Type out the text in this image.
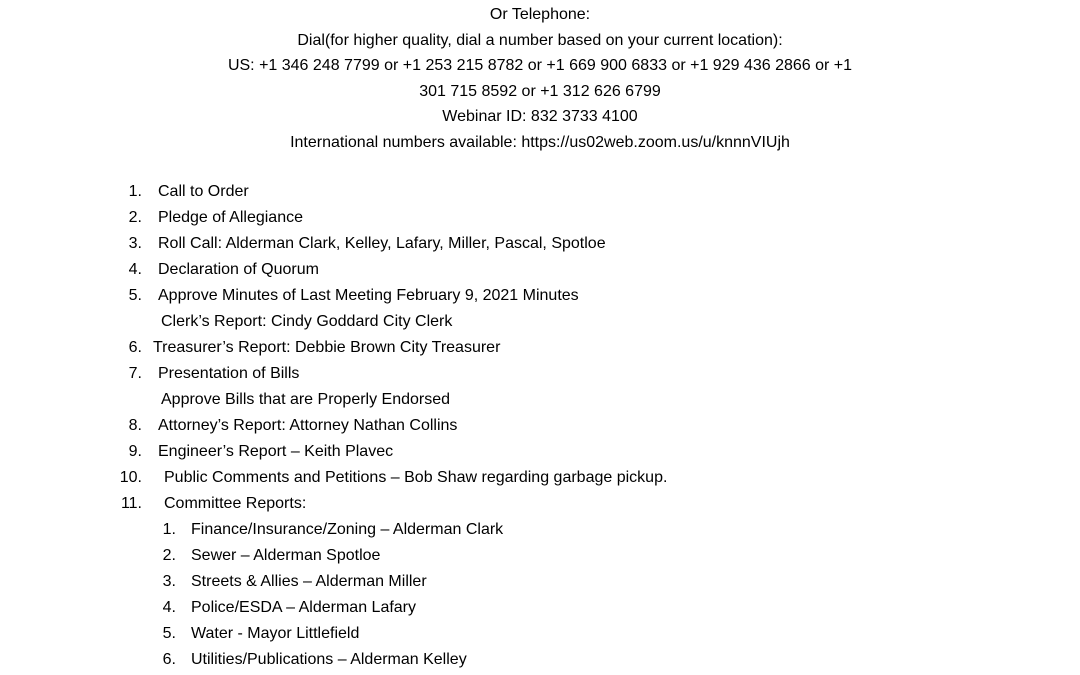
Or Telephone:
Dial(for higher quality, dial a number based on your current location):
US: +1 346 248 7799 or +1 253 215 8782 or +1 669 900 6833 or +1 929 436 2866 or +1
301 715 8592 or +1 312 626 6799
Webinar ID: 832 3733 4100
International numbers available: https://us02web.zoom.us/u/knnnVIUjh
1. Call to Order
2. Pledge of Allegiance
3. Roll Call: Alderman Clark, Kelley, Lafary, Miller, Pascal, Spotloe
4. Declaration of Quorum
5. Approve Minutes of Last Meeting February 9, 2021 Minutes
Clerk’s Report: Cindy Goddard City Clerk
6. Treasurer’s Report: Debbie Brown City Treasurer
7. Presentation of Bills
Approve Bills that are Properly Endorsed
8. Attorney’s Report: Attorney Nathan Collins
9. Engineer’s Report – Keith Plavec
10. Public Comments and Petitions – Bob Shaw regarding garbage pickup.
11. Committee Reports:
1. Finance/Insurance/Zoning – Alderman Clark
2. Sewer – Alderman Spotloe
3. Streets & Allies – Alderman Miller
4. Police/ESDA – Alderman Lafary
5. Water - Mayor Littlefield
6. Utilities/Publications – Alderman Kelley
